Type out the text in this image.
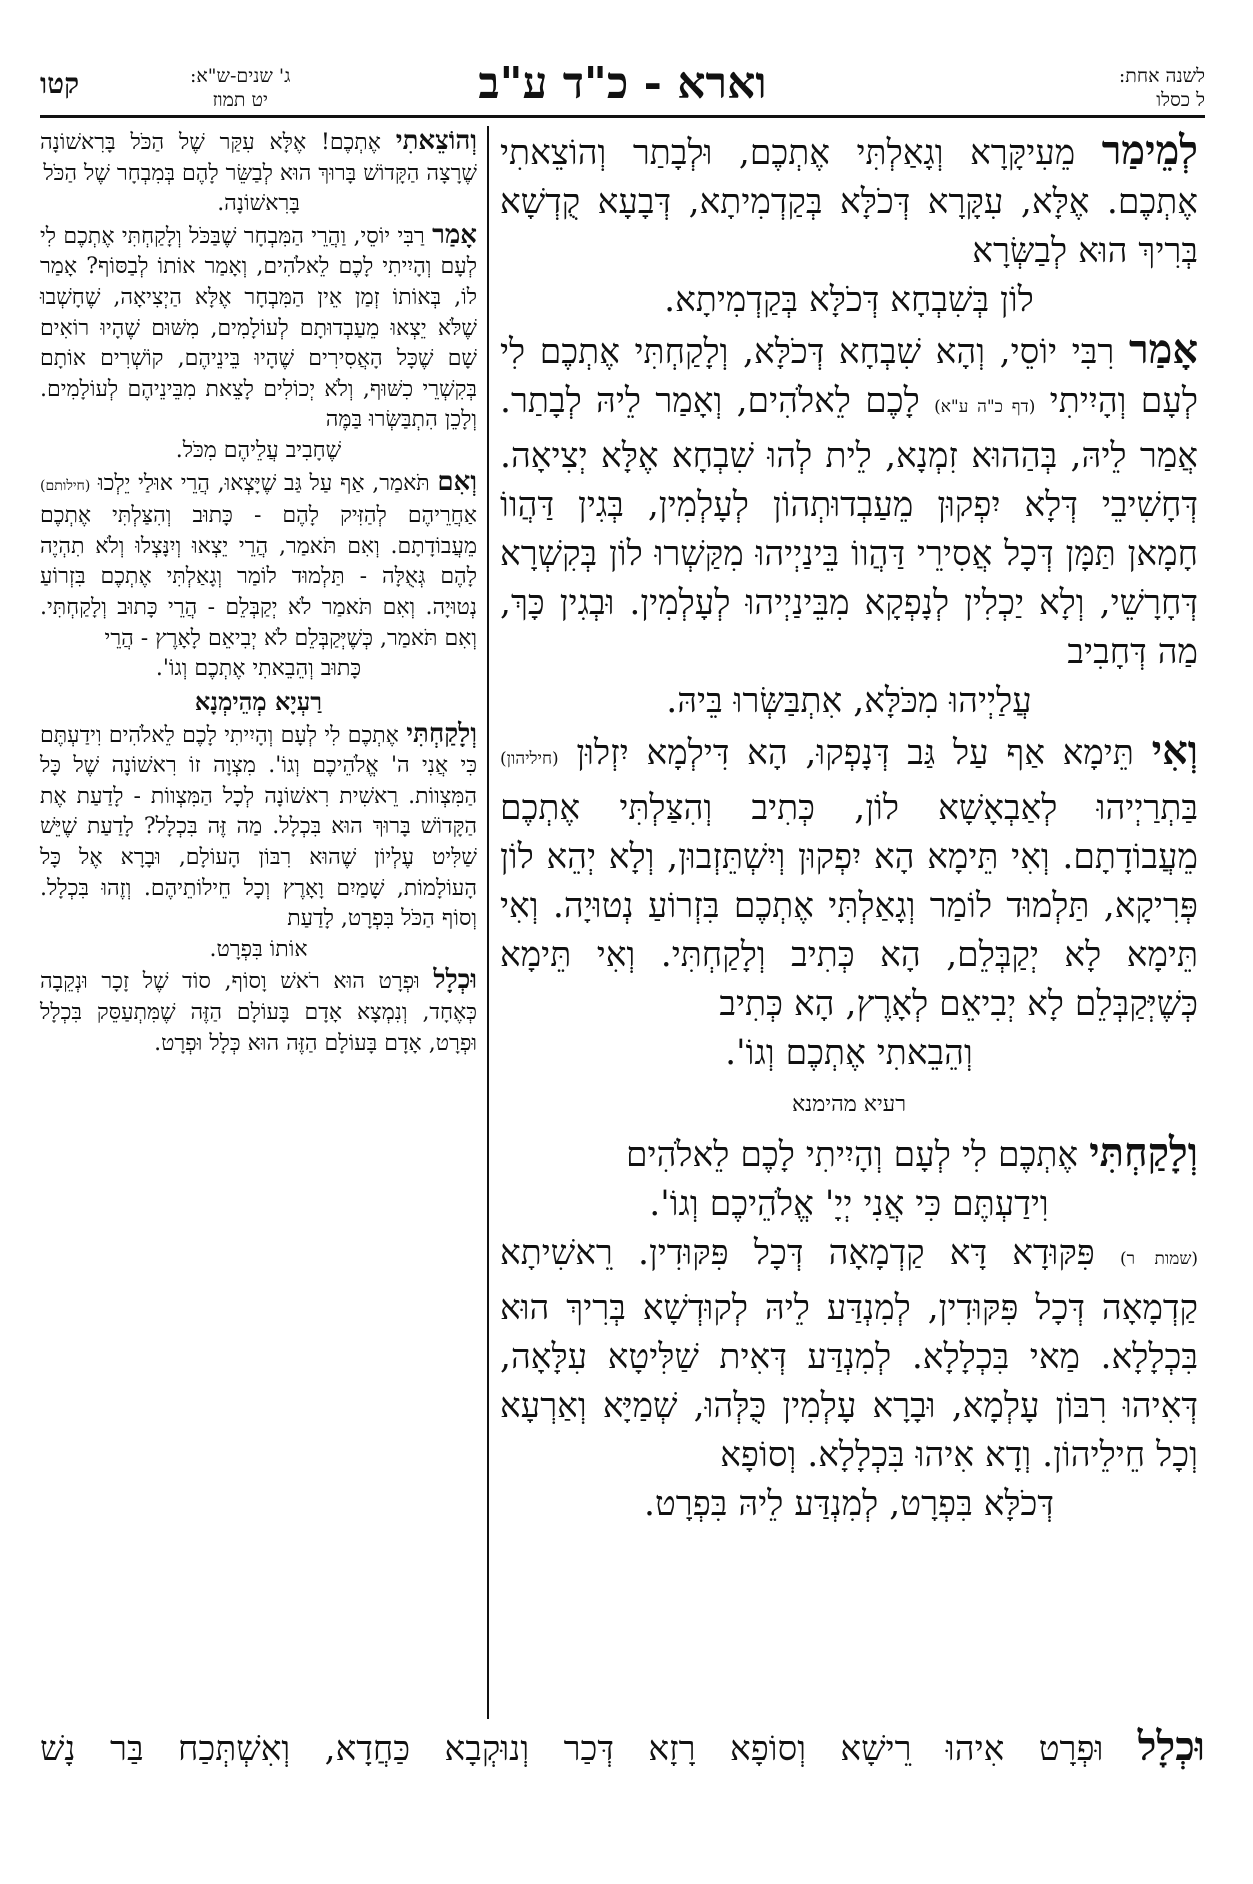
לשנה אחת:
ל כסלו
וארא - כ"ד ע"ב
ג' שנים-ש"א:
יט תמוז
קטו

לְמֵימַר מֵעִיקָּרָא וְגָאַלְתִּי אֶתְכֶם, וּלְבָתַר וְהוֹצֵאתִי אֶתְכֶם. אֶלָּא, עִקָּרָא דְּכֹלָּא בְּקַדְמִיתָא, דְּבָעָא קֻדְשָׁא בְּרִיךְ הוּא לְבַשְּׂרָא

לוֹן בְּשִׁבְחָא דְּכֹלָּא בְּקַדְמִיתָא.

אָמַר רִבִּי יוֹסֵי, וְהָא שִׁבְחָא דְּכֹלָּא, וְלָקַחְתִּי אֶתְכֶם לִי לְעָם וְהָיִיתִי (דף כ"ה ע"א) לָכֶם לֵאלֹהִים, וְאָמַר לֵיהּ לְבָתַר. אֲמַר לֵיהּ, בְּהַהוּא זִמְנָא, לֵית לְהוּ שִׁבְחָא אֶלָּא יְצִיאָה. דְּחָשִׁיבֵי דְּלָא יִפְקוּן מֵעַבְדוּתְהוֹן לְעָלְמִין, בְּגִין דַּהֲווֹ חָמָאן תַּמָּן דְּכָל אֲסִירֵי דַּהֲווֹ בֵּינַיְיהוּ מִקַּשְׁרוּ לוֹן בְּקִשְׁרָא דְּחָרָשֵׁי, וְלָא יַכְלִין לְנָפְקָא מִבֵּינַיְיהוּ לְעָלְמִין. וּבְגִין כָּךְ, מַה דְּחָבִיב

עֲלַיְיהוּ מִכֹּלָּא, אִתְבַּשְּׂרוּ בֵּיהּ.

וְאִי תֵּימָא אַף עַל גַּב דְּנָפְקוּ, הָא דִּילְמָא יִזְלוּן (חיליהון) בַּתְרַיְיהוּ לְאַבְאָשָׁא לוֹן, כְּתִיב וְהִצַּלְתִּי אֶתְכֶם מֵעֲבוֹדָתָם. וְאִי תֵּימָא הָא יִפְקוּן וְיִשְׁתֵּזְבוּן, וְלָא יְהֵא לוֹן פְּרִיקָא, תַּלְמוּד לוֹמַר וְגָאַלְתִּי אֶתְכֶם בִּזְרוֹעַ נְטוּיָה. וְאִי תֵּימָא לָא יְקַבְּלֵם, הָא כְּתִיב וְלָקַחְתִּי. וְאִי תֵּימָא כְּשֶׁיְּקַבְּלֵם לָא יְבִיאֵם לְאָרֶץ, הָא כְּתִיב

וְהֵבֵאתִי אֶתְכֶם וְגוֹ'.

רעיא מהימנא

וְלָקַחְתִּי אֶתְכֶם לִי לְעָם וְהָיִיתִי לָכֶם לֵאלֹהִים

וִידַעְתֶּם כִּי אֲנִי יְיָ' אֱלֹהֵיכֶם וְגוֹ'.

(שמות ר) פִּקּוּדָא דָּא קַדְמָאָה דְּכָל פִּקּוּדִין. רֵאשִׁיתָא קַדְמָאָה דְּכָל פִּקּוּדִין, לְמִנְדַּע לֵיהּ לְקוּדְשָׁא בְּרִיךְ הוּא בִּכְלָלָא. מַאי בִּכְלָלָא. לְמִנְדַּע דְּאִית שַׁלִּיטָא עִלָּאָה, דְּאִיהוּ רִבּוֹן עָלְמָא, וּבָרָא עָלְמִין כֻּלְּהוּ, שְׁמַיָּא וְאַרְעָא וְכָל חֵילֵיהוֹן. וְדָא אִיהוּ בִּכְלָלָא. וְסוֹפָא

דְּכֹלָּא בִּפְרָט, לְמִנְדַּע לֵיהּ בִּפְרָט.

וְהוֹצֵאתִי אֶתְכֶם! אֶלָּא עִקַּר שֶׁל הַכֹּל בָּרִאשׁוֹנָה שֶׁרָצָה הַקָּדוֹשׁ בָּרוּךְ הוּא לְבַשֵּׂר לָהֶם בְּמִבְחָר שֶׁל הַכֹּל

בָּרִאשׁוֹנָה.

אָמַר רַבִּי יוֹסֵי, וַהֲרֵי הַמִּבְחָר שֶׁבַּכֹּל וְלָקַחְתִּי אֶתְכֶם לִי לְעָם וְהָיִיתִי לָכֶם לֵאלֹהִים, וְאָמַר אוֹתוֹ לְבַסּוֹף? אָמַר לוֹ, בְּאוֹתוֹ זְמַן אֵין הַמִּבְחָר אֶלָּא הַיְצִיאָה, שֶׁחָשְׁבוּ שֶׁלֹּא יֵצְאוּ מֵעַבְדוּתָם לְעוֹלָמִים, מִשּׁוּם שֶׁהָיוּ רוֹאִים שָׁם שֶׁכָּל הָאֲסִירִים שֶׁהָיוּ בֵּינֵיהֶם, קוֹשְׁרִים אוֹתָם בְּקִשְׁרֵי כִשּׁוּף, וְלֹא יְכוֹלִים לָצֵאת מִבֵּינֵיהֶם לְעוֹלָמִים. וְלָכֵן הִתְבַּשְּׂרוּ בַּמֶּה

שֶׁחָבִיב עֲלֵיהֶם מִכֹּל.

וְאִם תֹּאמַר, אַף עַל גַּב שֶׁיָּצְאוּ, הֲרֵי אוּלַי יֵלְכוּ (חילותם) אַחֲרֵיהֶם לְהַזִּיק לָהֶם - כָּתוּב וְהִצַּלְתִּי אֶתְכֶם מֵעֲבוֹדָתָם. וְאִם תֹּאמַר, הֲרֵי יֵצְאוּ וְיִנָּצְלוּ וְלֹא תִהְיֶה לָהֶם גְּאֻלָּה - תַּלְמוּד לוֹמַר וְגָאַלְתִּי אֶתְכֶם בִּזְרוֹעַ נְטוּיָה. וְאִם תֹּאמַר לֹא יְקַבְּלֵם - הֲרֵי כָּתוּב וְלָקַחְתִּי. וְאִם תֹּאמַר, כְּשֶׁיְּקַבְּלֵם לֹא יְבִיאֵם לָאָרֶץ - הֲרֵי

כָּתוּב וְהֵבֵאתִי אֶתְכֶם וְגוֹ'.

רַעְיָא מְהֵימְנָא

וְלָקַחְתִּי אֶתְכֶם לִי לְעָם וְהָיִיתִי לָכֶם לֵאלֹהִים וִידַעְתֶּם כִּי אֲנִי ה' אֱלֹהֵיכֶם וְגוֹ'. מִצְוָה זוֹ רִאשׁוֹנָה שֶׁל כָּל הַמִּצְווֹת. רֵאשִׁית רִאשׁוֹנָה לְכָל הַמִּצְווֹת - לָדַעַת אֶת הַקָּדוֹשׁ בָּרוּךְ הוּא בִּכְלָל. מַה זֶּה בִּכְלָל? לָדַעַת שֶׁיֵּשׁ שַׁלִּיט עֶלְיוֹן שֶׁהוּא רִבּוֹן הָעוֹלָם, וּבָרָא אֶל כָּל הָעוֹלָמוֹת, שָׁמַיִם וָאָרֶץ וְכָל חֵילוֹתֵיהֶם. וְזֶהוּ בִּכְלָל. וְסוֹף הַכֹּל בִּפְרָט, לָדַעַת

אוֹתוֹ בִּפְרָט.

וּכְלָל וּפְרָט הוּא רֹאשׁ וָסוֹף, סוֹד שֶׁל זָכָר וּנְקֵבָה כְּאֶחָד, וְנִמְצָא אָדָם בָּעוֹלָם הַזֶּה שֶׁמִּתְעַסֵּק בִּכְלָל וּפְרָט, אָדָם בָּעוֹלָם הַזֶּה הוּא כְּלָל וּפְרָט.

וּכְלָל וּפְרָט אִיהוּ רֵישָׁא וְסוֹפָא רָזָא דְּכַר וְנוּקְבָא כַּחֲדָא, וְאִשְׁתְּכַח בַּר נָשׁ
